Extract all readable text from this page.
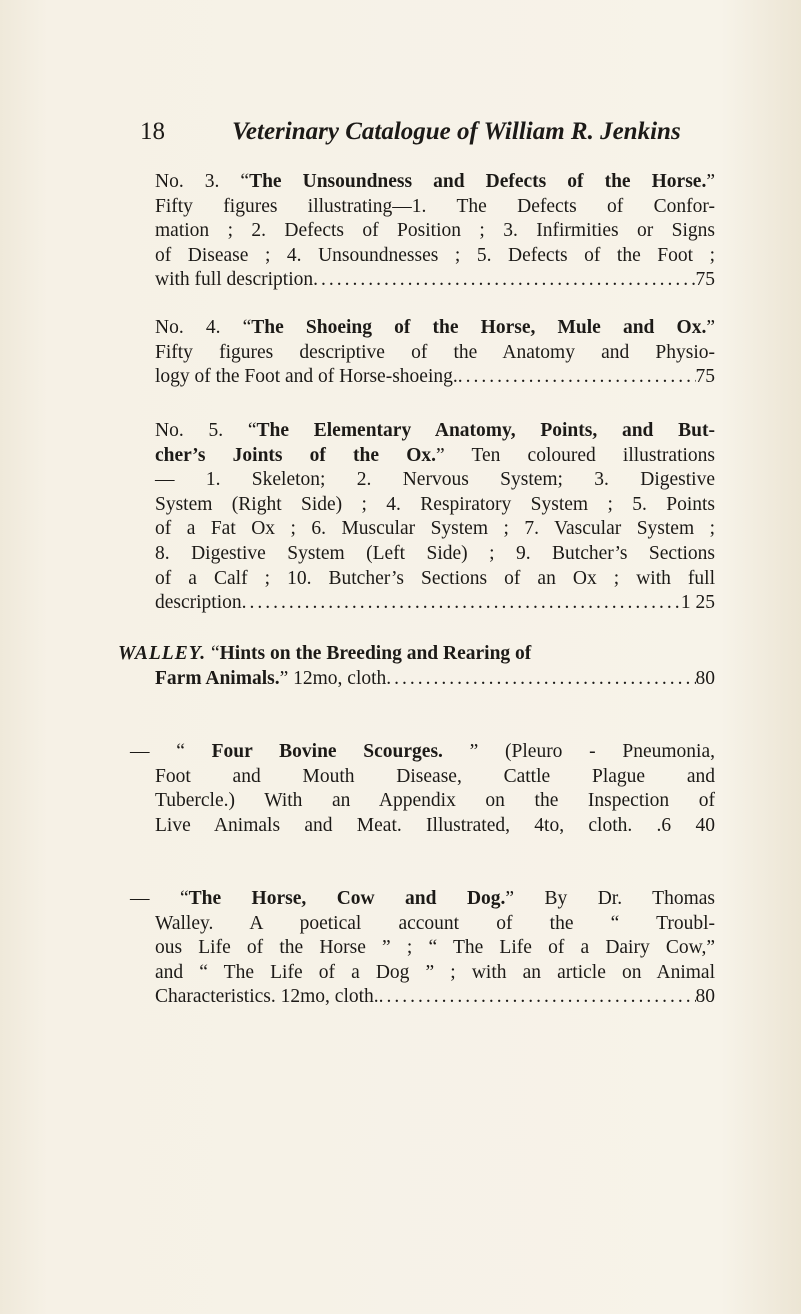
18	Veterinary Catalogue of William R. Jenkins
No. 3. “The Unsoundness and Defects of the Horse.”
Fifty figures illustrating—1. The Defects of Confor-
mation ; 2. Defects of Position ; 3. Infirmities or Signs
of Disease ; 4. Unsoundnesses ; 5. Defects of the Foot ;
with full description .....	75
No. 4. “The Shoeing of the Horse, Mule and Ox.”
Fifty figures descriptive of the Anatomy and Physio-
logy of the Foot and of Horse-shoeing. .....	75
No. 5. “The Elementary Anatomy, Points, and But-
cher’s Joints of the Ox.” Ten coloured illustrations
— 1. Skeleton; 2. Nervous System; 3. Digestive
System (Right Side) ; 4. Respiratory System ; 5. Points
of a Fat Ox ; 6. Muscular System ; 7. Vascular System ;
8. Digestive System (Left Side) ; 9. Butcher’s Sections
of a Calf ; 10. Butcher’s Sections of an Ox ; with full
description .....	1 25
WALLEY. “Hints on the Breeding and Rearing of
Farm Animals.” 12mo, cloth .....	80
— “ Four Bovine Scourges. ” (Pleuro - Pneumonia,
Foot and Mouth Disease, Cattle Plague and
Tubercle.) With an Appendix on the Inspection of
Live Animals and Meat. Illustrated, 4to, cloth. .6 40
— “The Horse, Cow and Dog.” By Dr. Thomas
Walley. A poetical account of the “ Troubl-
ous Life of the Horse ” ; “ The Life of a Dairy Cow,”
and “ The Life of a Dog ” ; with an article on Animal
Characteristics. 12mo, cloth. .....	80
